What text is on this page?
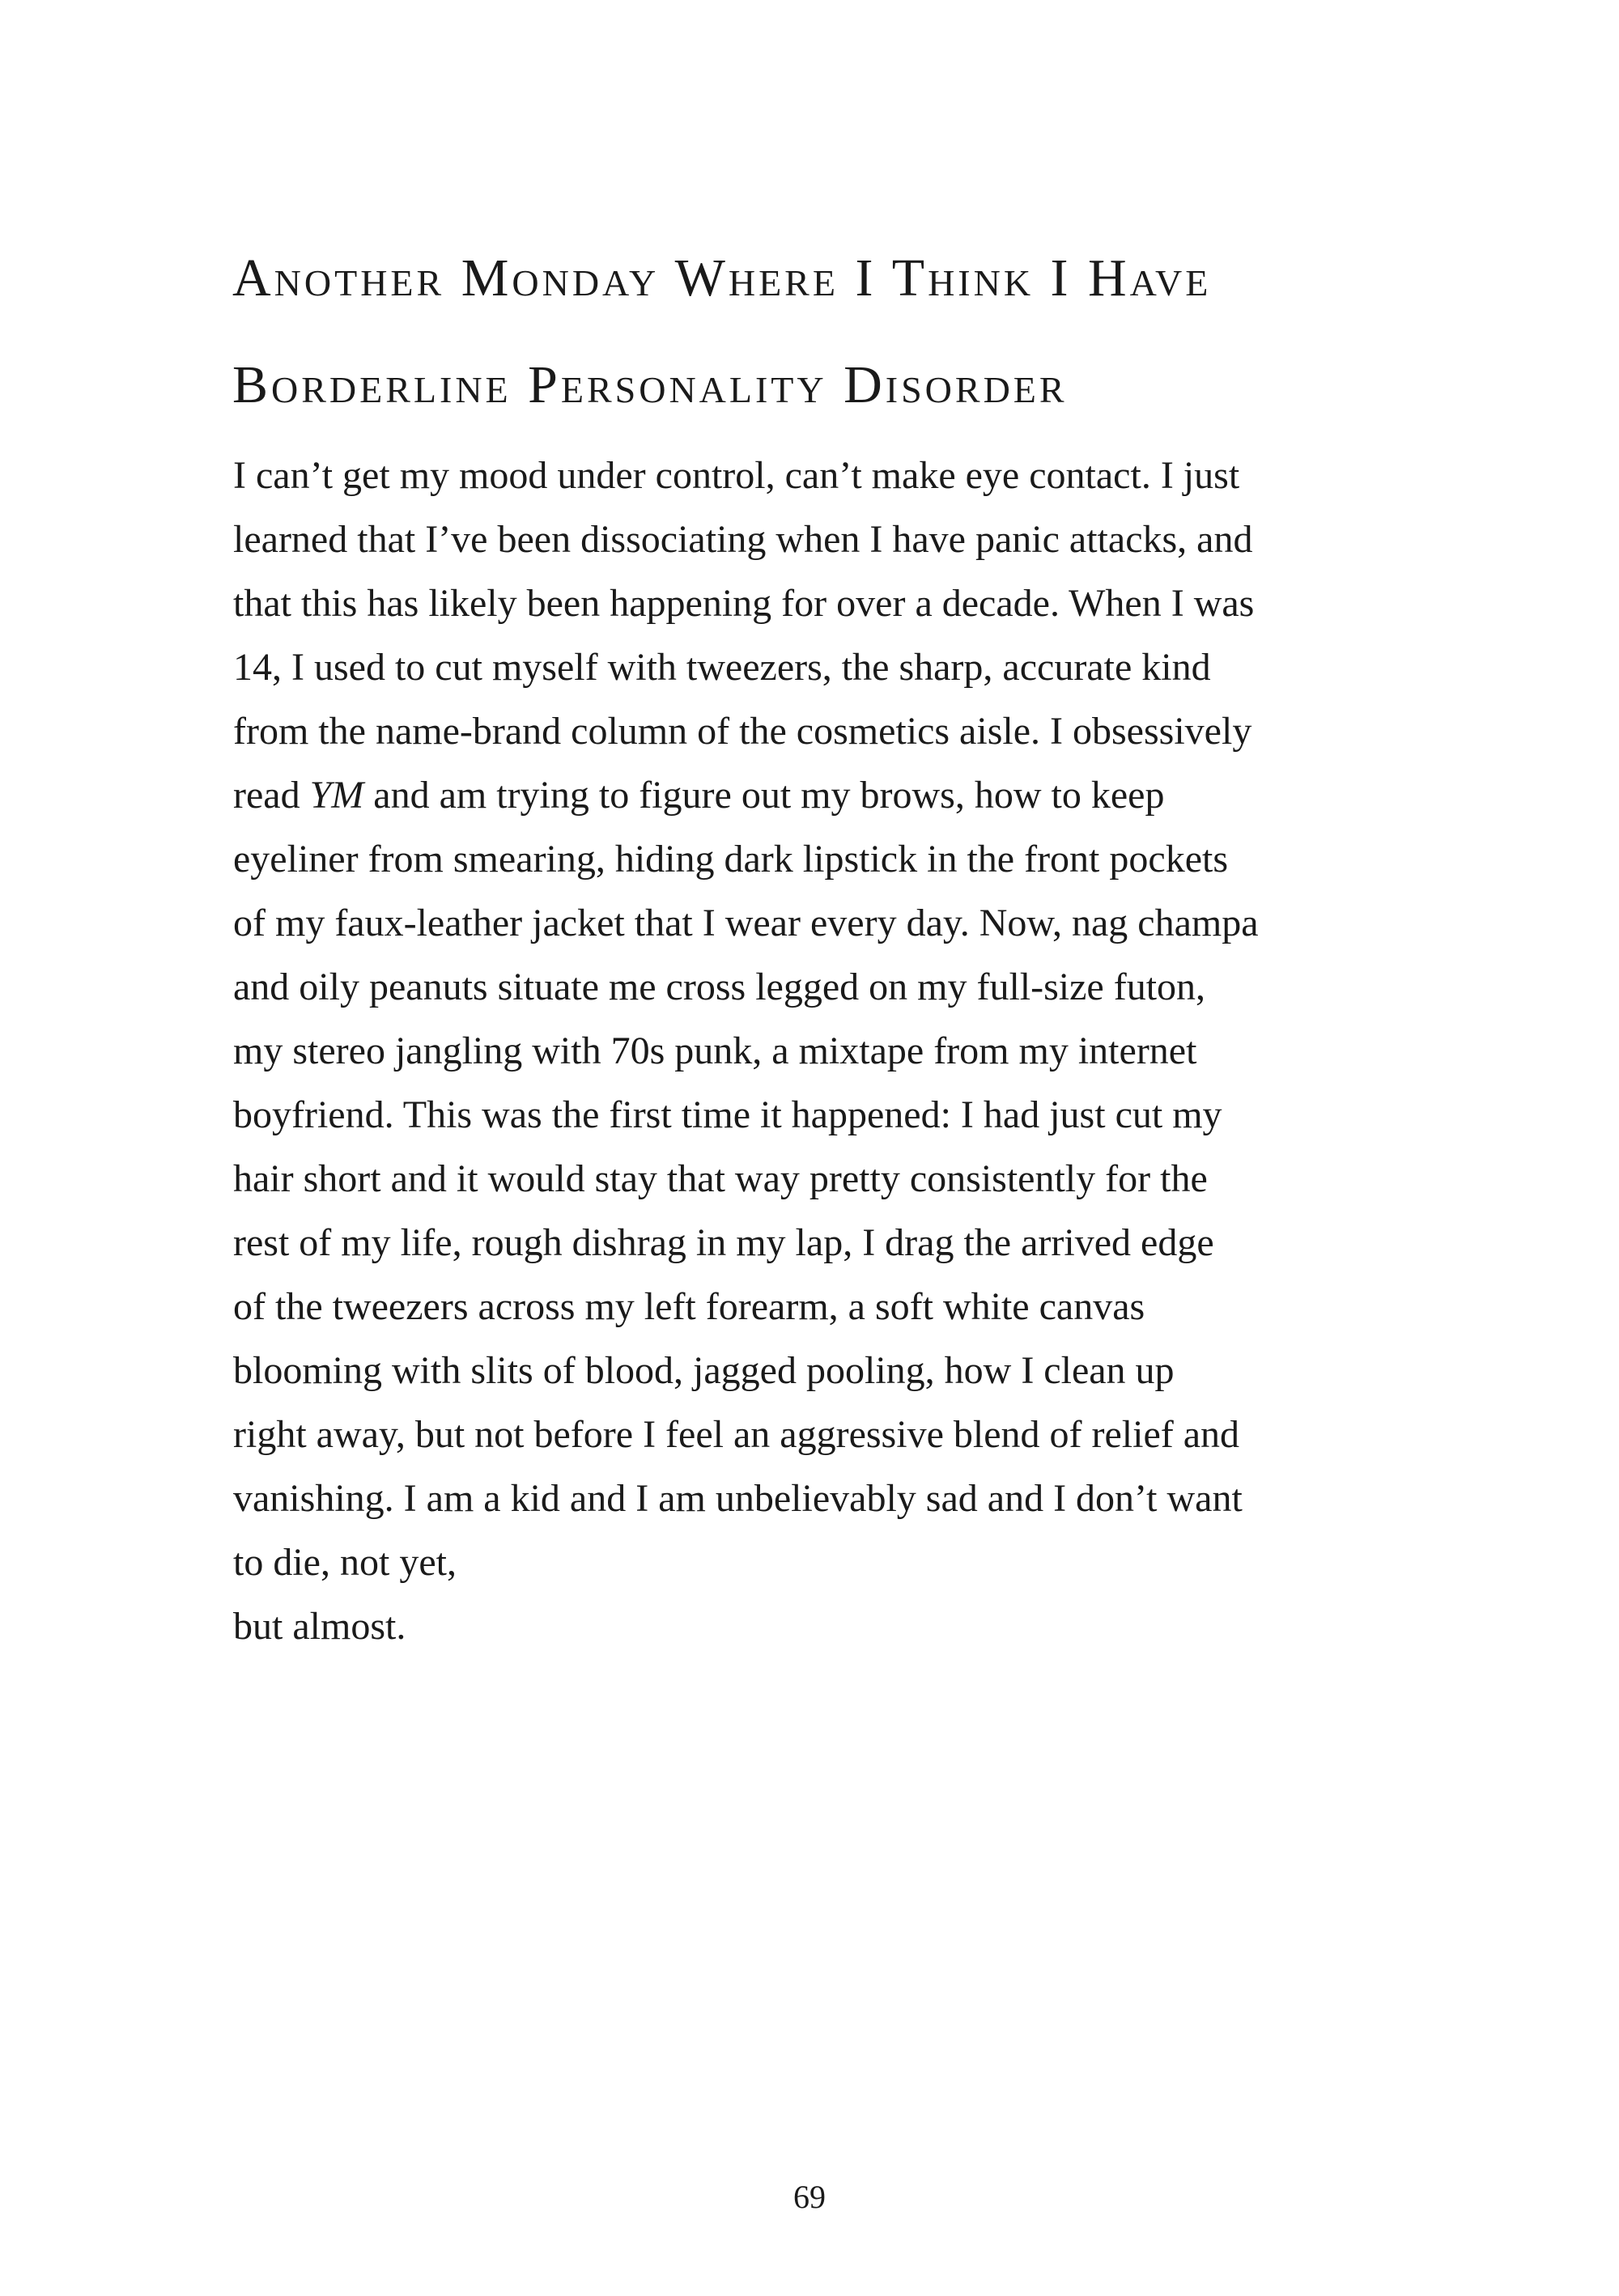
Another Monday Where I Think I Have
Borderline Personality Disorder
I can’t get my mood under control, can’t make eye contact. I just
learned that I’ve been dissociating when I have panic attacks, and
that this has likely been happening for over a decade. When I was
14, I used to cut myself with tweezers, the sharp, accurate kind
from the name-brand column of the cosmetics aisle. I obsessively
read YM and am trying to figure out my brows, how to keep
eyeliner from smearing, hiding dark lipstick in the front pockets
of my faux-leather jacket that I wear every day. Now, nag champa
and oily peanuts situate me cross legged on my full-size futon,
my stereo jangling with 70s punk, a mixtape from my internet
boyfriend. This was the first time it happened: I had just cut my
hair short and it would stay that way pretty consistently for the
rest of my life, rough dishrag in my lap, I drag the arrived edge
of the tweezers across my left forearm, a soft white canvas
blooming with slits of blood, jagged pooling, how I clean up
right away, but not before I feel an aggressive blend of relief and
vanishing. I am a kid and I am unbelievably sad and I don’t want
to die, not yet,
but almost.
69
